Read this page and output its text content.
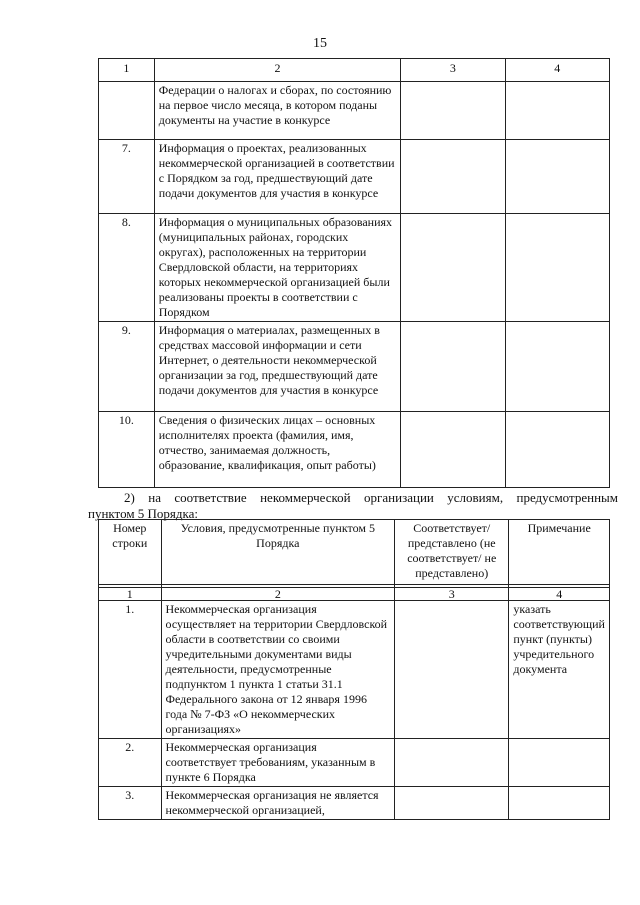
15
1	2	3	4
	Федерации о налогах и сборах, по состоянию на первое число месяца, в котором поданы документы на участие в конкурсе		
7.	Информация о проектах, реализованных некоммерческой организацией в соответствии с Порядком за год, предшествующий дате подачи документов для участия в конкурсе		
8.	Информация о муниципальных образованиях (муниципальных районах, городских округах), расположенных на территории Свердловской области, на территориях которых некоммерческой организацией были реализованы проекты в соответствии с Порядком		
9.	Информация о материалах, размещенных в средствах массовой информации и сети Интернет, о деятельности некоммерческой организации за год, предшествующий дате подачи документов для участия в конкурсе		
10.	Сведения о физических лицах – основных исполнителях проекта (фамилия, имя, отчество, занимаемая должность, образование, квалификация, опыт работы)		
2) на соответствие некоммерческой организации условиям, предусмотренным
пунктом 5 Порядка:
Номер строки	Условия, предусмотренные пунктом 5 Порядка	Соответствует/ представлено (не соответствует/ не представлено)	Примечание

1	2	3	4
1.	Некоммерческая организация осуществляет на территории Свердловской области в соответствии со своими учредительными документами виды деятельности, предусмотренные подпунктом 1 пункта 1 статьи 31.1 Федерального закона от 12 января 1996 года № 7-ФЗ «О некоммерческих организациях»		указать соответствующий пункт (пункты) учредительного документа
2.	Некоммерческая организация соответствует требованиям, указанным в пункте 6 Порядка		
3.	Некоммерческая организация не является некоммерческой организацией,		
